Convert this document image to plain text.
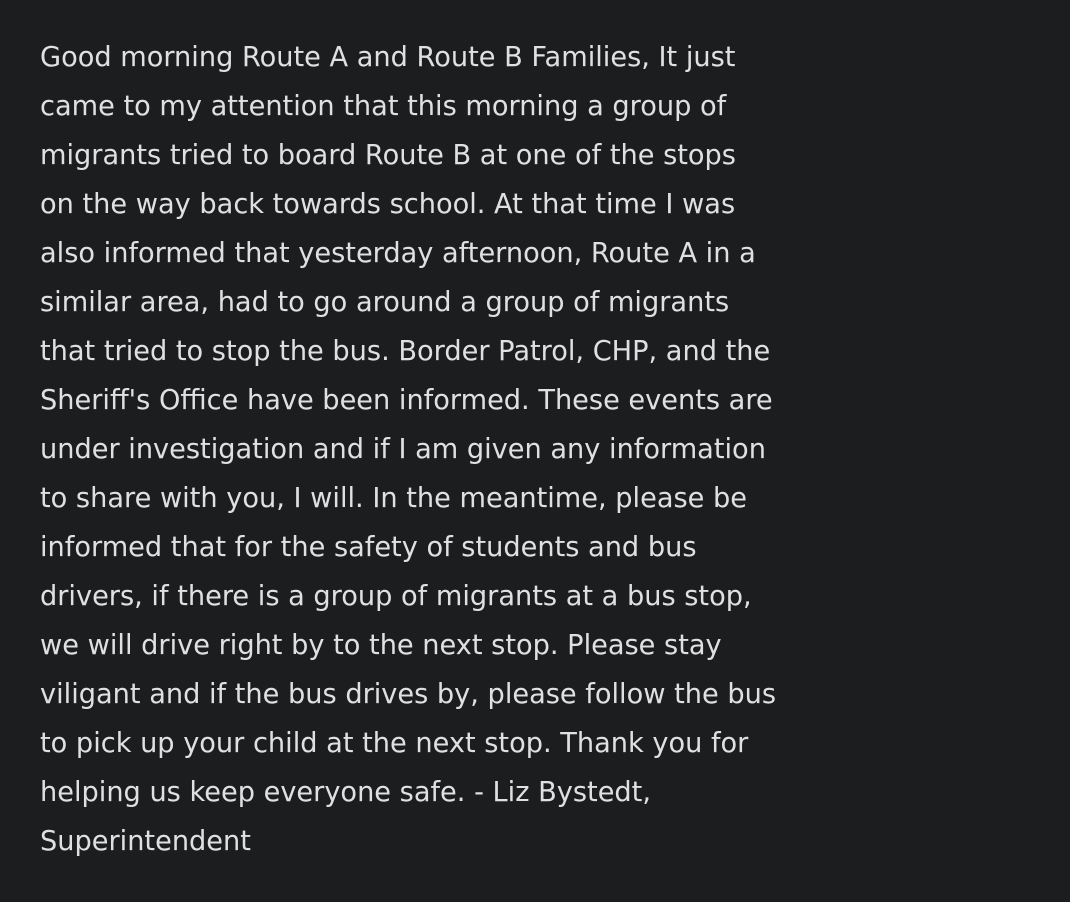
Good morning Route A and Route B Families, It just
came to my attention that this morning a group of
migrants tried to board Route B at one of the stops
on the way back towards school. At that time I was
also informed that yesterday afternoon, Route A in a
similar area, had to go around a group of migrants
that tried to stop the bus. Border Patrol, CHP, and the
Sheriff's Office have been informed. These events are
under investigation and if I am given any information
to share with you, I will. In the meantime, please be
informed that for the safety of students and bus
drivers, if there is a group of migrants at a bus stop,
we will drive right by to the next stop. Please stay
viligant and if the bus drives by, please follow the bus
to pick up your child at the next stop. Thank you for
helping us keep everyone safe. - Liz Bystedt,
Superintendent
